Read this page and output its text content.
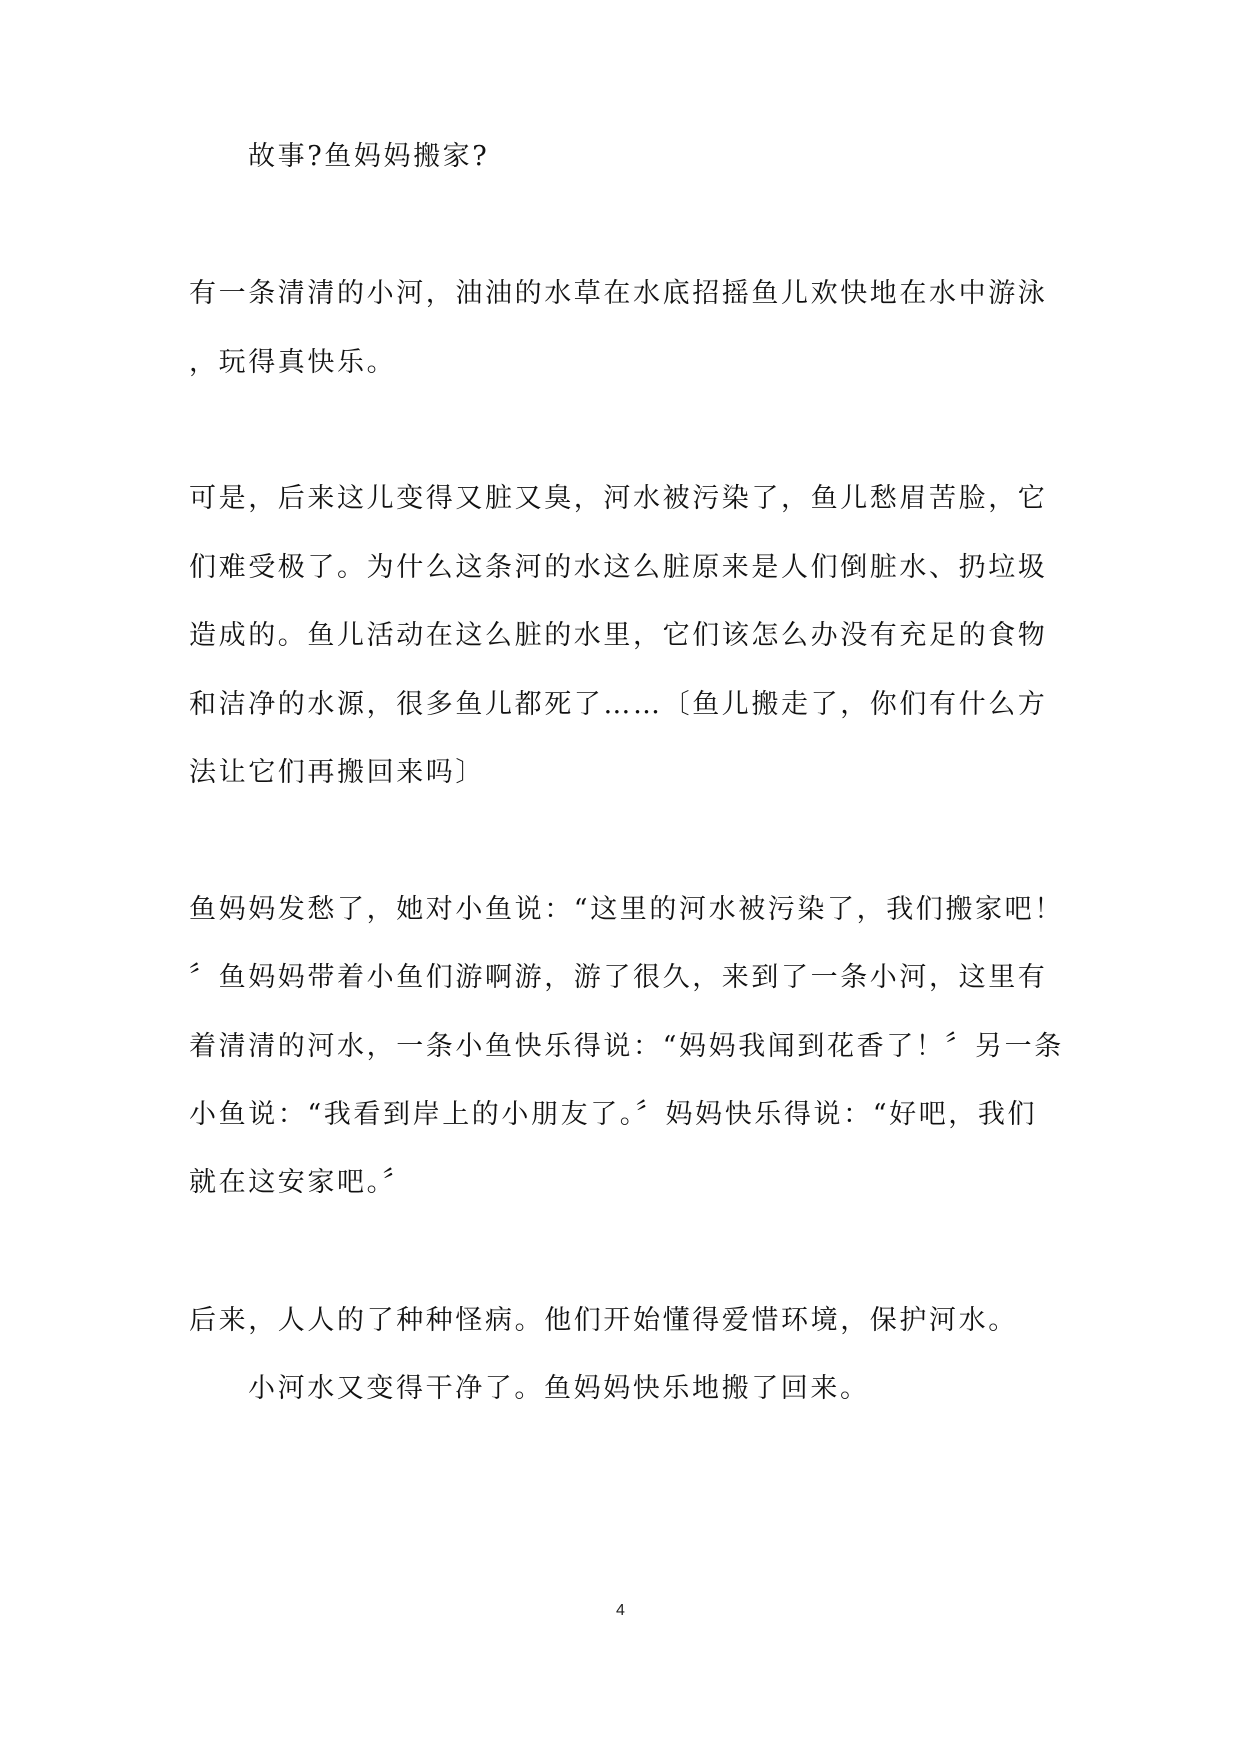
故事?鱼妈妈搬家?

有一条清清的小河，油油的水草在水底招摇鱼儿欢快地在水中游泳

，玩得真快乐。

可是，后来这儿变得又脏又臭，河水被污染了，鱼儿愁眉苦脸，它

们难受极了。为什么这条河的水这么脏原来是人们倒脏水、扔垃圾

造成的。鱼儿活动在这么脏的水里，它们该怎么办没有充足的食物

和洁净的水源，很多鱼儿都死了……〔鱼儿搬走了，你们有什么方

法让它们再搬回来吗〕

鱼妈妈发愁了，她对小鱼说：“这里的河水被污染了，我们搬家吧！

〞鱼妈妈带着小鱼们游啊游，游了很久，来到了一条小河，这里有

着清清的河水，一条小鱼快乐得说：“妈妈我闻到花香了！〞另一条

小鱼说：“我看到岸上的小朋友了。〞妈妈快乐得说：“好吧，我们

就在这安家吧。〞

后来，人人的了种种怪病。他们开始懂得爱惜环境，保护河水。

小河水又变得干净了。鱼妈妈快乐地搬了回来。

4
